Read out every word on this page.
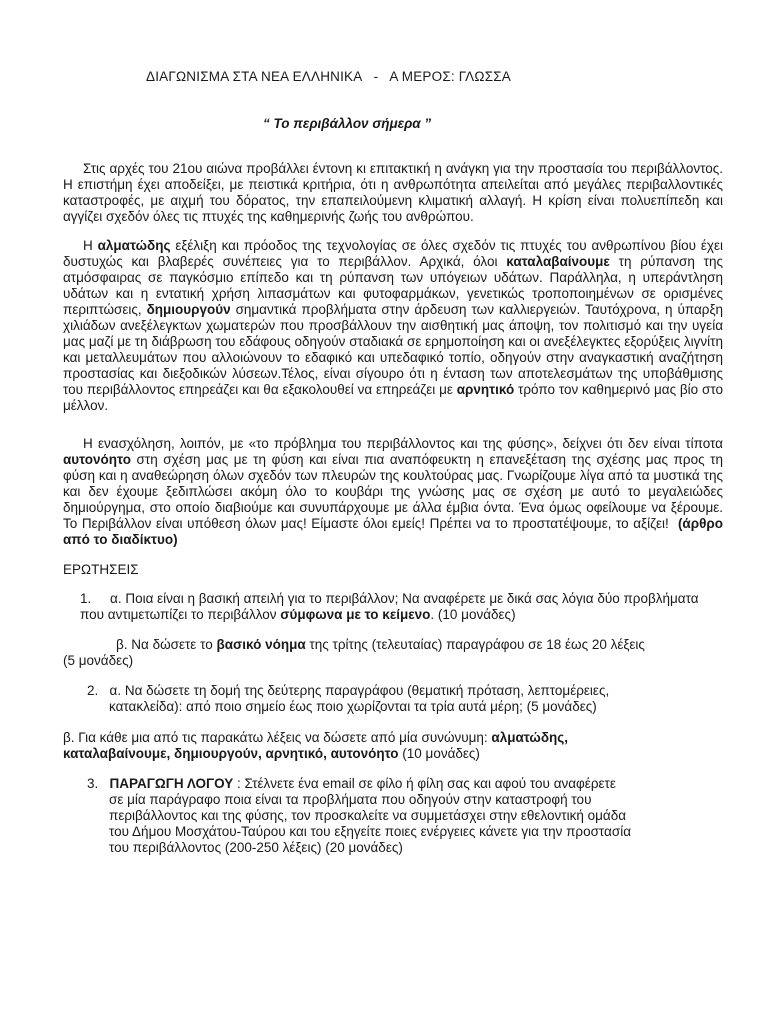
ΔΙΑΓΩΝΙΣΜΑ ΣΤΑ ΝΕΑ ΕΛΛΗΝΙΚΑ   -   Α ΜΕΡΟΣ: ΓΛΩΣΣΑ
“ Το περιβάλλον σήμερα ”

Στις αρχές του 21ου αιώνα προβάλλει έντονη κι επιτακτική η ανάγκη για την προστασία του περιβάλλοντος. Η επιστήμη έχει αποδείξει, με πειστικά κριτήρια, ότι η ανθρωπότητα απειλείται από μεγάλες περιβαλλοντικές καταστροφές, με αιχμή του δόρατος, την επαπειλούμενη κλιματική αλλαγή. Η κρίση είναι πολυεπίπεδη και αγγίζει σχεδόν όλες τις πτυχές της καθημερινής ζωής του ανθρώπου.

Η αλματώδης εξέλιξη και πρόοδος της τεχνολογίας σε όλες σχεδόν τις πτυχές του ανθρωπίνου βίου έχει δυστυχώς και βλαβερές συνέπειες για το περιβάλλον. Αρχικά, όλοι καταλαβαίνουμε τη ρύπανση της ατμόσφαιρας σε παγκόσμιο επίπεδο και τη ρύπανση των υπόγειων υδάτων. Παράλληλα, η υπεράντληση υδάτων και η εντατική χρήση λιπασμάτων και φυτοφαρμάκων, γενετικώς τροποποιημένων σε ορισμένες περιπτώσεις, δημιουργούν σημαντικά προβλήματα στην άρδευση των καλλιεργειών. Ταυτόχρονα, η ύπαρξη χιλιάδων ανεξέλεγκτων χωματερών που προσβάλλουν την αισθητική μας άποψη, τον πολιτισμό και την υγεία μας μαζί με τη διάβρωση του εδάφους οδηγούν σταδιακά σε ερημοποίηση και οι ανεξέλεγκτες εξορύξεις λιγνίτη και μεταλλευμάτων που αλλοιώνουν το εδαφικό και υπεδαφικό τοπίο, οδηγούν στην αναγκαστική αναζήτηση προστασίας και διεξοδικών λύσεων.Τέλος, είναι σίγουρο ότι η ένταση των αποτελεσμάτων της υποβάθμισης του περιβάλλοντος επηρεάζει και θα εξακολουθεί να επηρεάζει με αρνητικό τρόπο τον καθημερινό μας βίο στο μέλλον.

Η ενασχόληση, λοιπόν, με «το πρόβλημα του περιβάλλοντος και της φύσης», δείχνει ότι δεν είναι τίποτα αυτονόητο στη σχέση μας με τη φύση και είναι πια αναπόφευκτη η επανεξέταση της σχέσης μας προς τη φύση και η αναθεώρηση όλων σχεδόν των πλευρών της κουλτούρας μας. Γνωρίζουμε λίγα από τα μυστικά της και δεν έχουμε ξεδιπλώσει ακόμη όλο το κουβάρι της γνώσης μας σε σχέση με αυτό το μεγαλειώδες δημιούργημα, στο οποίο διαβιούμε και συνυπάρχουμε με άλλα έμβια όντα. Ένα όμως οφείλουμε να ξέρουμε. Το Περιβάλλον είναι υπόθεση όλων μας! Είμαστε όλοι εμείς! Πρέπει να το προστατέψουμε, το αξίζει! (άρθρο από το διαδίκτυο)

ΕΡΩΤΗΣΕΙΣ
1. α. Ποια είναι η βασική απειλή για το περιβάλλον; Να αναφέρετε με δικά σας λόγια δύο προβλήματα που αντιμετωπίζει το περιβάλλον σύμφωνα με το κείμενο. (10 μονάδες)
β. Να δώσετε το βασικό νόημα της τρίτης (τελευταίας) παραγράφου σε 18 έως 20 λέξεις
(5 μονάδες)
2. α. Να δώσετε τη δομή της δεύτερης παραγράφου (θεματική πρόταση, λεπτομέρειες, κατακλείδα): από ποιο σημείο έως ποιο χωρίζονται τα τρία αυτά μέρη; (5 μονάδες)
β. Για κάθε μια από τις παρακάτω λέξεις να δώσετε από μία συνώνυμη: αλματώδης, καταλαβαίνουμε, δημιουργούν, αρνητικό, αυτονόητο (10 μονάδες)
3. ΠΑΡΑΓΩΓΗ ΛΟΓΟΥ : Στέλνετε ένα email σε φίλο ή φίλη σας και αφού του αναφέρετε σε μία παράγραφο ποια είναι τα προβλήματα που οδηγούν στην καταστροφή του περιβάλλοντος και της φύσης, τον προσκαλείτε να συμμετάσχει στην εθελοντική ομάδα του Δήμου Μοσχάτου-Ταύρου και του εξηγείτε ποιες ενέργειες κάνετε για την προστασία του περιβάλλοντος (200-250 λέξεις) (20 μονάδες)
